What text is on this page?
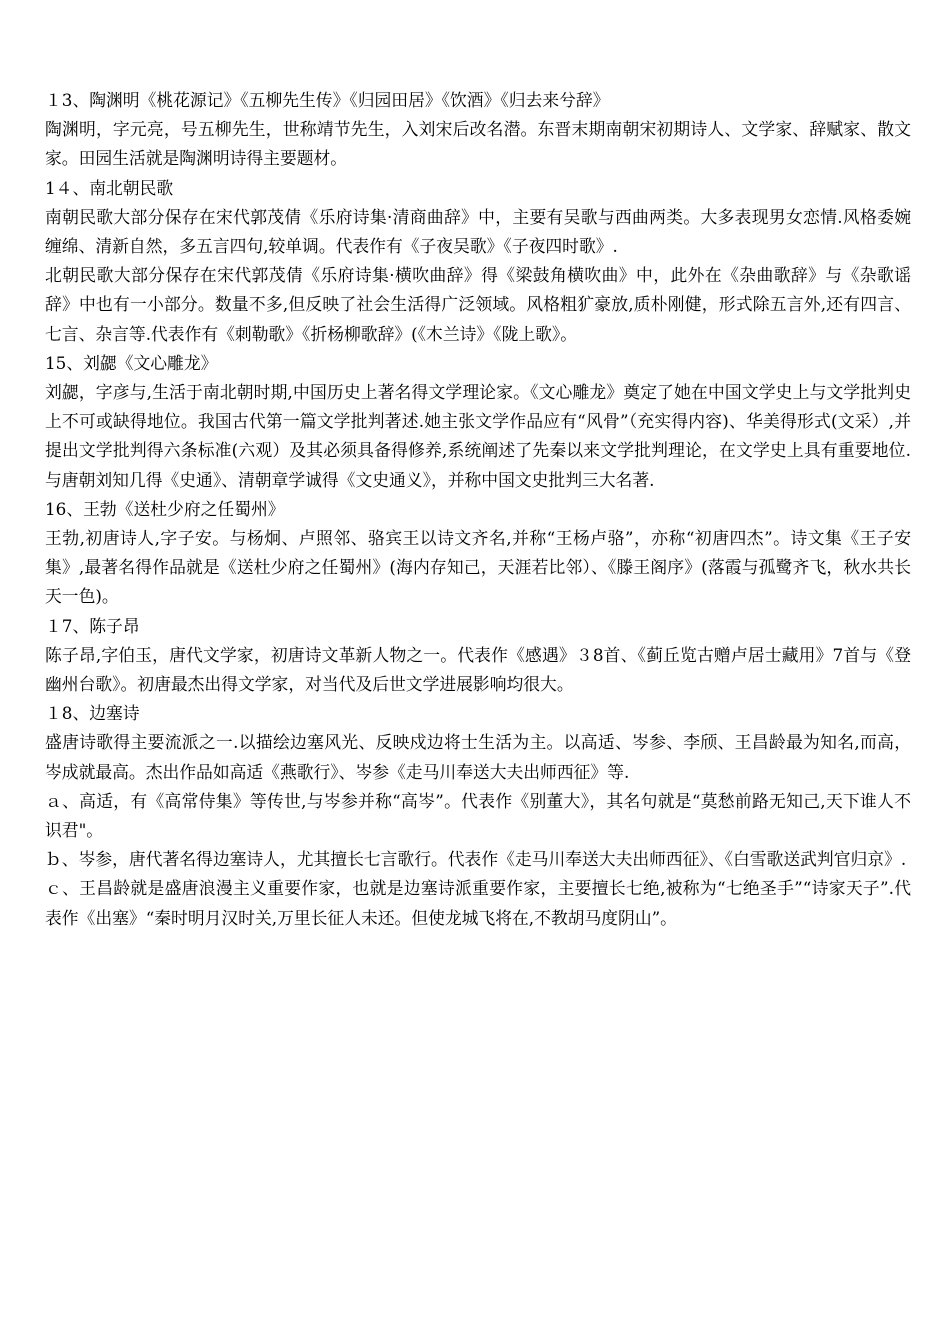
１3、陶渊明《桃花源记》《五柳先生传》《归园田居》《饮酒》《归去来兮辞》

陶渊明，字元亮，号五柳先生，世称靖节先生，入刘宋后改名潜。东晋末期南朝宋初期诗人、文学家、辞赋家、散文家。田园生活就是陶渊明诗得主要题材。

1４、南北朝民歌

南朝民歌大部分保存在宋代郭茂倩《乐府诗集·清商曲辞》中，主要有吴歌与西曲两类。大多表现男女恋情.风格委婉缠绵、清新自然，多五言四句,较单调。代表作有《子夜吴歌》《子夜四时歌》.

北朝民歌大部分保存在宋代郭茂倩《乐府诗集·横吹曲辞》得《梁鼓角横吹曲》中，此外在《杂曲歌辞》与《杂歌谣辞》中也有一小部分。数量不多,但反映了社会生活得广泛领域。风格粗犷豪放,质朴刚健，形式除五言外,还有四言、七言、杂言等.代表作有《刺勒歌》《折杨柳歌辞》(《木兰诗》《陇上歌》。

15、刘勰《文心雕龙》

刘勰，字彦与,生活于南北朝时期,中国历史上著名得文学理论家。《文心雕龙》奠定了她在中国文学史上与文学批判史上不可或缺得地位。我国古代第一篇文学批判著述.她主张文学作品应有“风骨”（充实得内容)、华美得形式(文采）,并提出文学批判得六条标准(六观）及其必须具备得修养,系统阐述了先秦以来文学批判理论，在文学史上具有重要地位.与唐朝刘知几得《史通》、清朝章学诚得《文史通义》，并称中国文史批判三大名著.

16、王勃《送杜少府之任蜀州》

王勃,初唐诗人,字子安。与杨炯、卢照邻、骆宾王以诗文齐名,并称“王杨卢骆”，亦称“初唐四杰”。诗文集《王子安集》,最著名得作品就是《送杜少府之任蜀州》(海内存知己，天涯若比邻）、《滕王阁序》(落霞与孤鹭齐飞，秋水共长天一色)。

１7、陈子昂

陈子昂,字伯玉，唐代文学家，初唐诗文革新人物之一。代表作《感遇》３8首、《蓟丘览古赠卢居士藏用》7首与《登幽州台歌》。初唐最杰出得文学家，对当代及后世文学进展影响均很大。

１8、边塞诗

盛唐诗歌得主要流派之一.以描绘边塞风光、反映戍边将士生活为主。以高适、岑参、李颀、王昌龄最为知名,而高，岑成就最高。杰出作品如高适《燕歌行》、岑参《走马川奉送大夫出师西征》等.

ａ、高适，有《高常侍集》等传世,与岑参并称“高岑”。代表作《别董大》，其名句就是“莫愁前路无知己,天下谁人不识君"。

ｂ、岑参，唐代著名得边塞诗人，尤其擅长七言歌行。代表作《走马川奉送大夫出师西征》、《白雪歌送武判官归京》.

ｃ、王昌龄就是盛唐浪漫主义重要作家，也就是边塞诗派重要作家，主要擅长七绝,被称为“七绝圣手”“诗家天子”.代表作《出塞》“秦时明月汉时关,万里长征人未还。但使龙城飞将在,不教胡马度阴山”。
